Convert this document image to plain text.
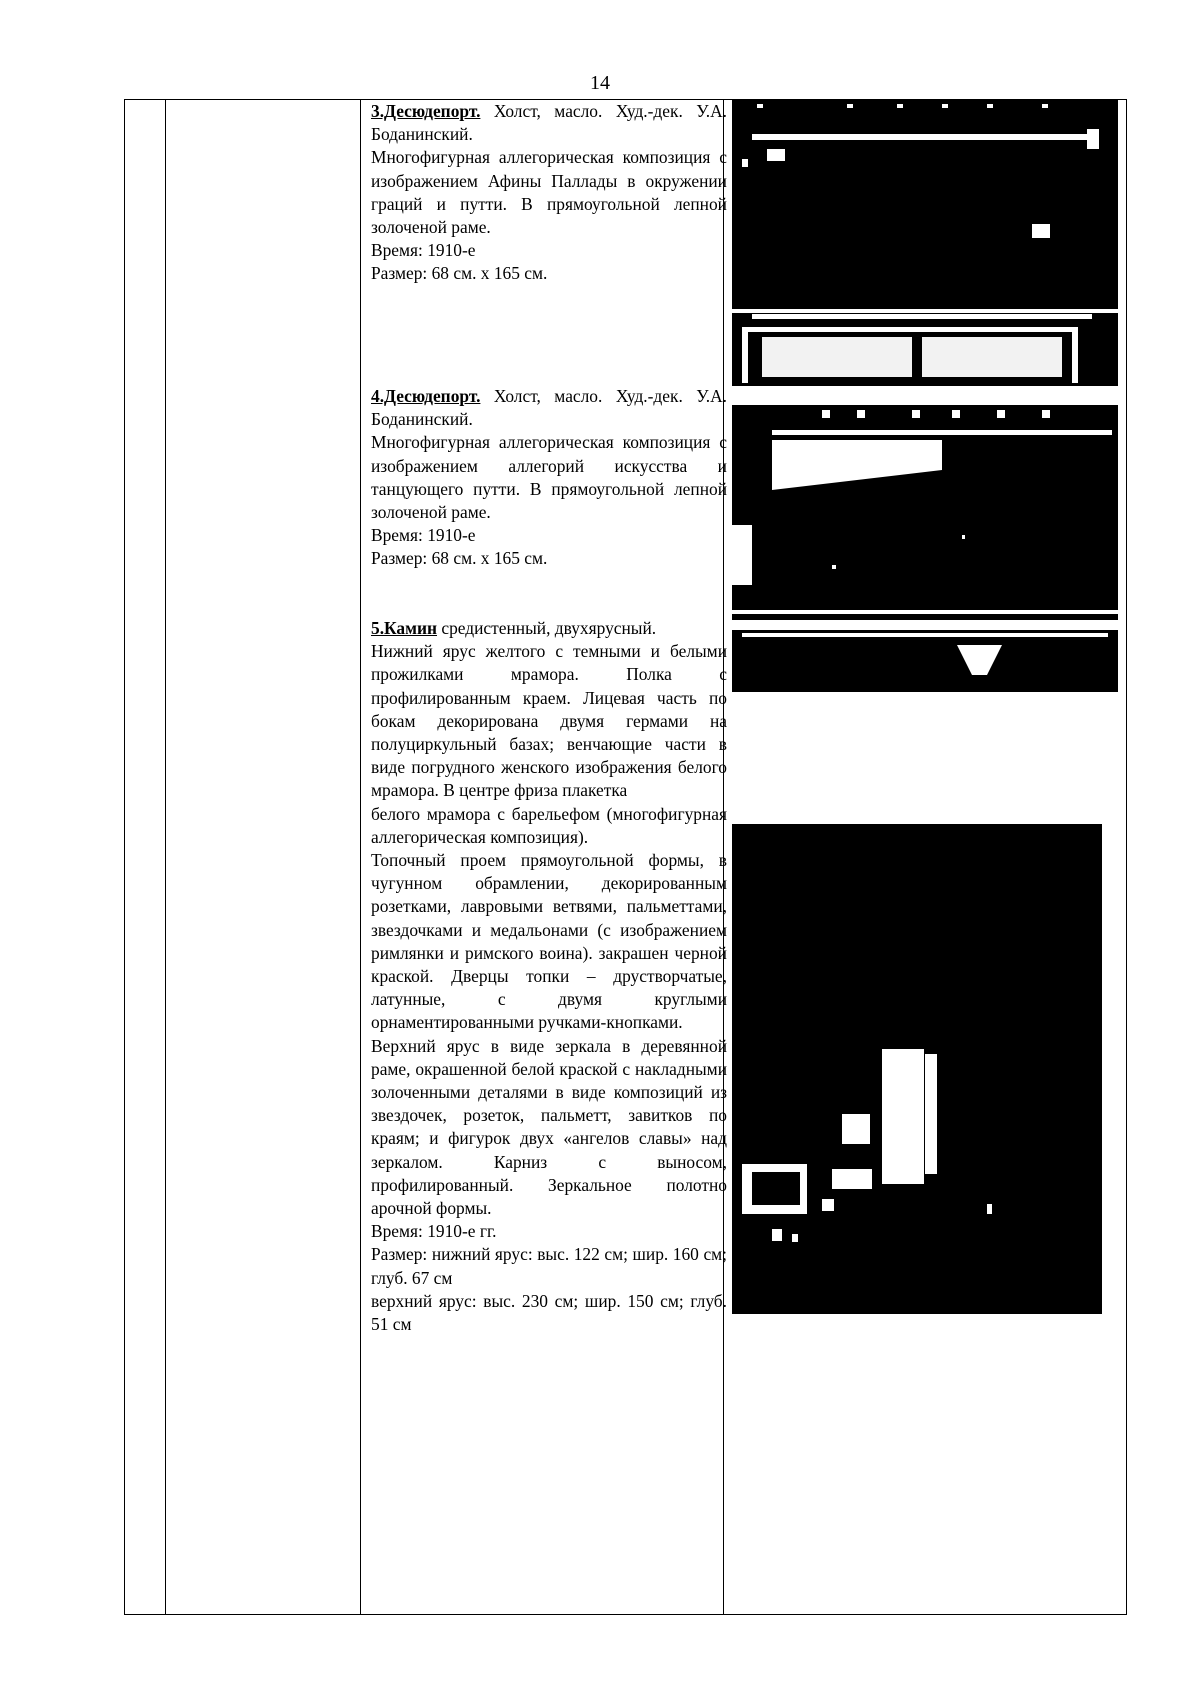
14

3.Десюдепорт. Холст, масло. Худ.-дек. У.А. Боданинский.

Многофигурная аллегорическая композиция с изображением Афины Паллады в окружении граций и путти. В прямоугольной лепной золоченой раме.

Время: 1910-е

Размер: 68 см. х 165 см.

4.Десюдепорт. Холст, масло. Худ.-дек. У.А. Боданинский.

Многофигурная аллегорическая композиция с изображением аллегорий искусства и танцующего путти. В прямоугольной лепной золоченой раме.

Время: 1910-е

Размер: 68 см. х 165 см.

5.Камин средистенный, двухярусный.

Нижний ярус желтого с темными и белыми прожилками мрамора. Полка с профилированным краем. Лицевая часть по бокам декорирована двумя гермами на полуциркульный базах; венчающие части в виде погрудного женского изображения белого мрамора. В центре фриза плакетка

белого мрамора с барельефом (многофигурная аллегорическая композиция).

Топочный проем прямоугольной формы, в чугунном обрамлении, декорированным розетками, лавровыми ветвями, пальметтами, звездочками и медальонами (с изображением римлянки и римского воина). закрашен черной краской. Дверцы топки – друстворчатые, латунные, с двумя круглыми орнаментированными ручками-кнопками.

Верхний ярус в виде зеркала в деревянной раме, окрашенной белой краской с накладными золоченными деталями в виде композиций из звездочек, розеток, пальметт, завитков по краям; и фигурок двух «ангелов славы» над зеркалом. Карниз с выносом, профилированный. Зеркальное полотно арочной формы.

Время: 1910-е гг.

Размер: нижний ярус: выс. 122 см; шир. 160 см; глуб. 67 см

верхний ярус: выс. 230 см; шир. 150 см; глуб. 51 см
